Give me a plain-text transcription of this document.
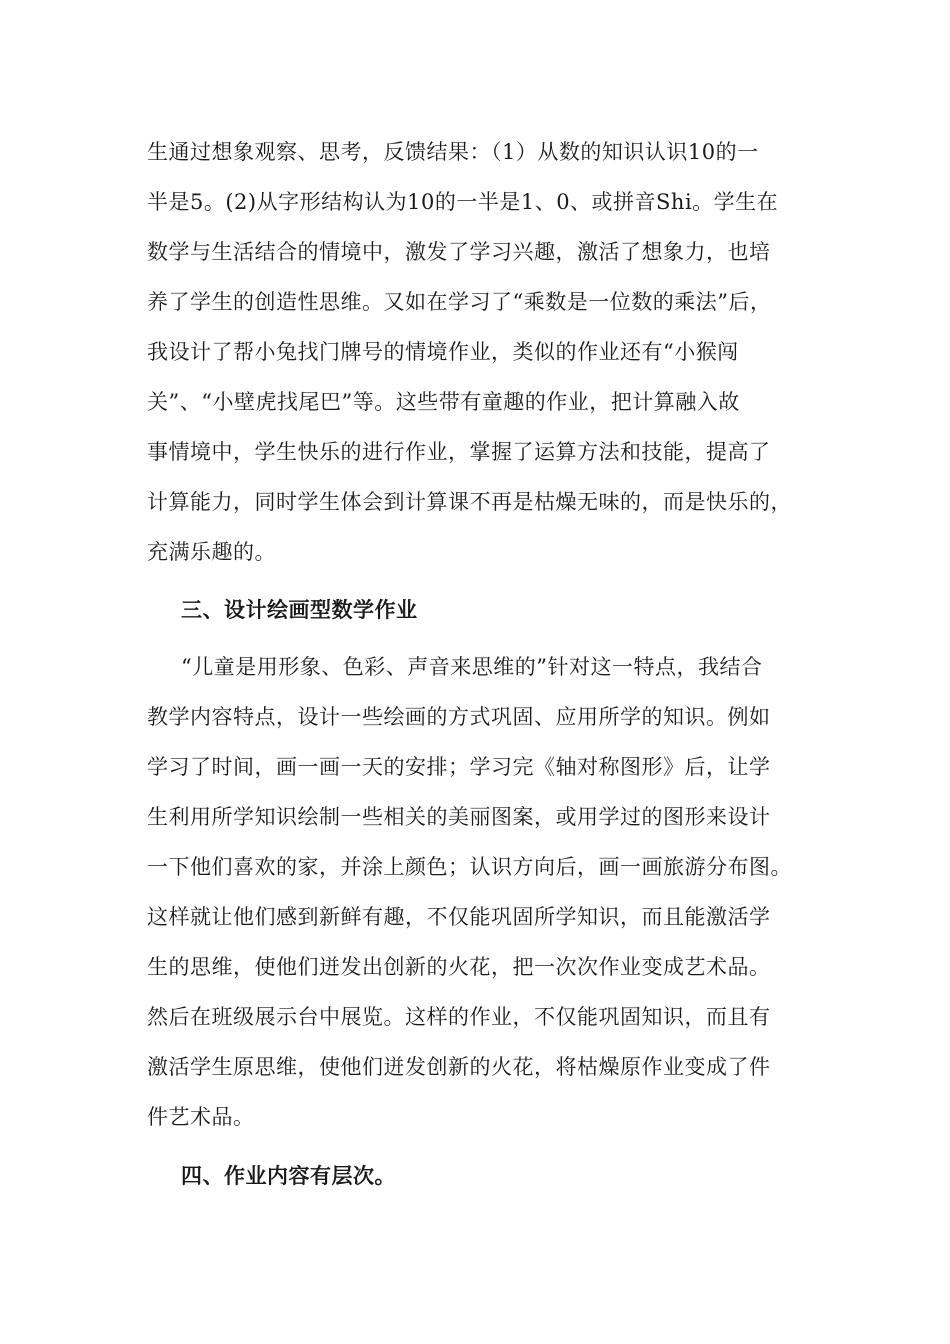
生通过想象观察、思考，反馈结果：（1）从数的知识认识10的一
半是5。(2)从字形结构认为10的一半是1、0、或拼音Shi。学生在
数学与生活结合的情境中，激发了学习兴趣，激活了想象力，也培
养了学生的创造性思维。又如在学习了“乘数是一位数的乘法”后，
我设计了帮小兔找门牌号的情境作业，类似的作业还有“小猴闯
关”、“小壁虎找尾巴”等。这些带有童趣的作业，把计算融入故
事情境中，学生快乐的进行作业，掌握了运算方法和技能，提高了
计算能力，同时学生体会到计算课不再是枯燥无味的，而是快乐的，
充满乐趣的。
三、设计绘画型数学作业
“儿童是用形象、色彩、声音来思维的”针对这一特点，我结合
教学内容特点，设计一些绘画的方式巩固、应用所学的知识。例如
学习了时间，画一画一天的安排；学习完《轴对称图形》后，让学
生利用所学知识绘制一些相关的美丽图案，或用学过的图形来设计
一下他们喜欢的家，并涂上颜色；认识方向后，画一画旅游分布图。
这样就让他们感到新鲜有趣，不仅能巩固所学知识，而且能激活学
生的思维，使他们迸发出创新的火花，把一次次作业变成艺术品。
然后在班级展示台中展览。这样的作业，不仅能巩固知识，而且有
激活学生原思维，使他们迸发创新的火花，将枯燥原作业变成了件
件艺术品。
四、作业内容有层次。
